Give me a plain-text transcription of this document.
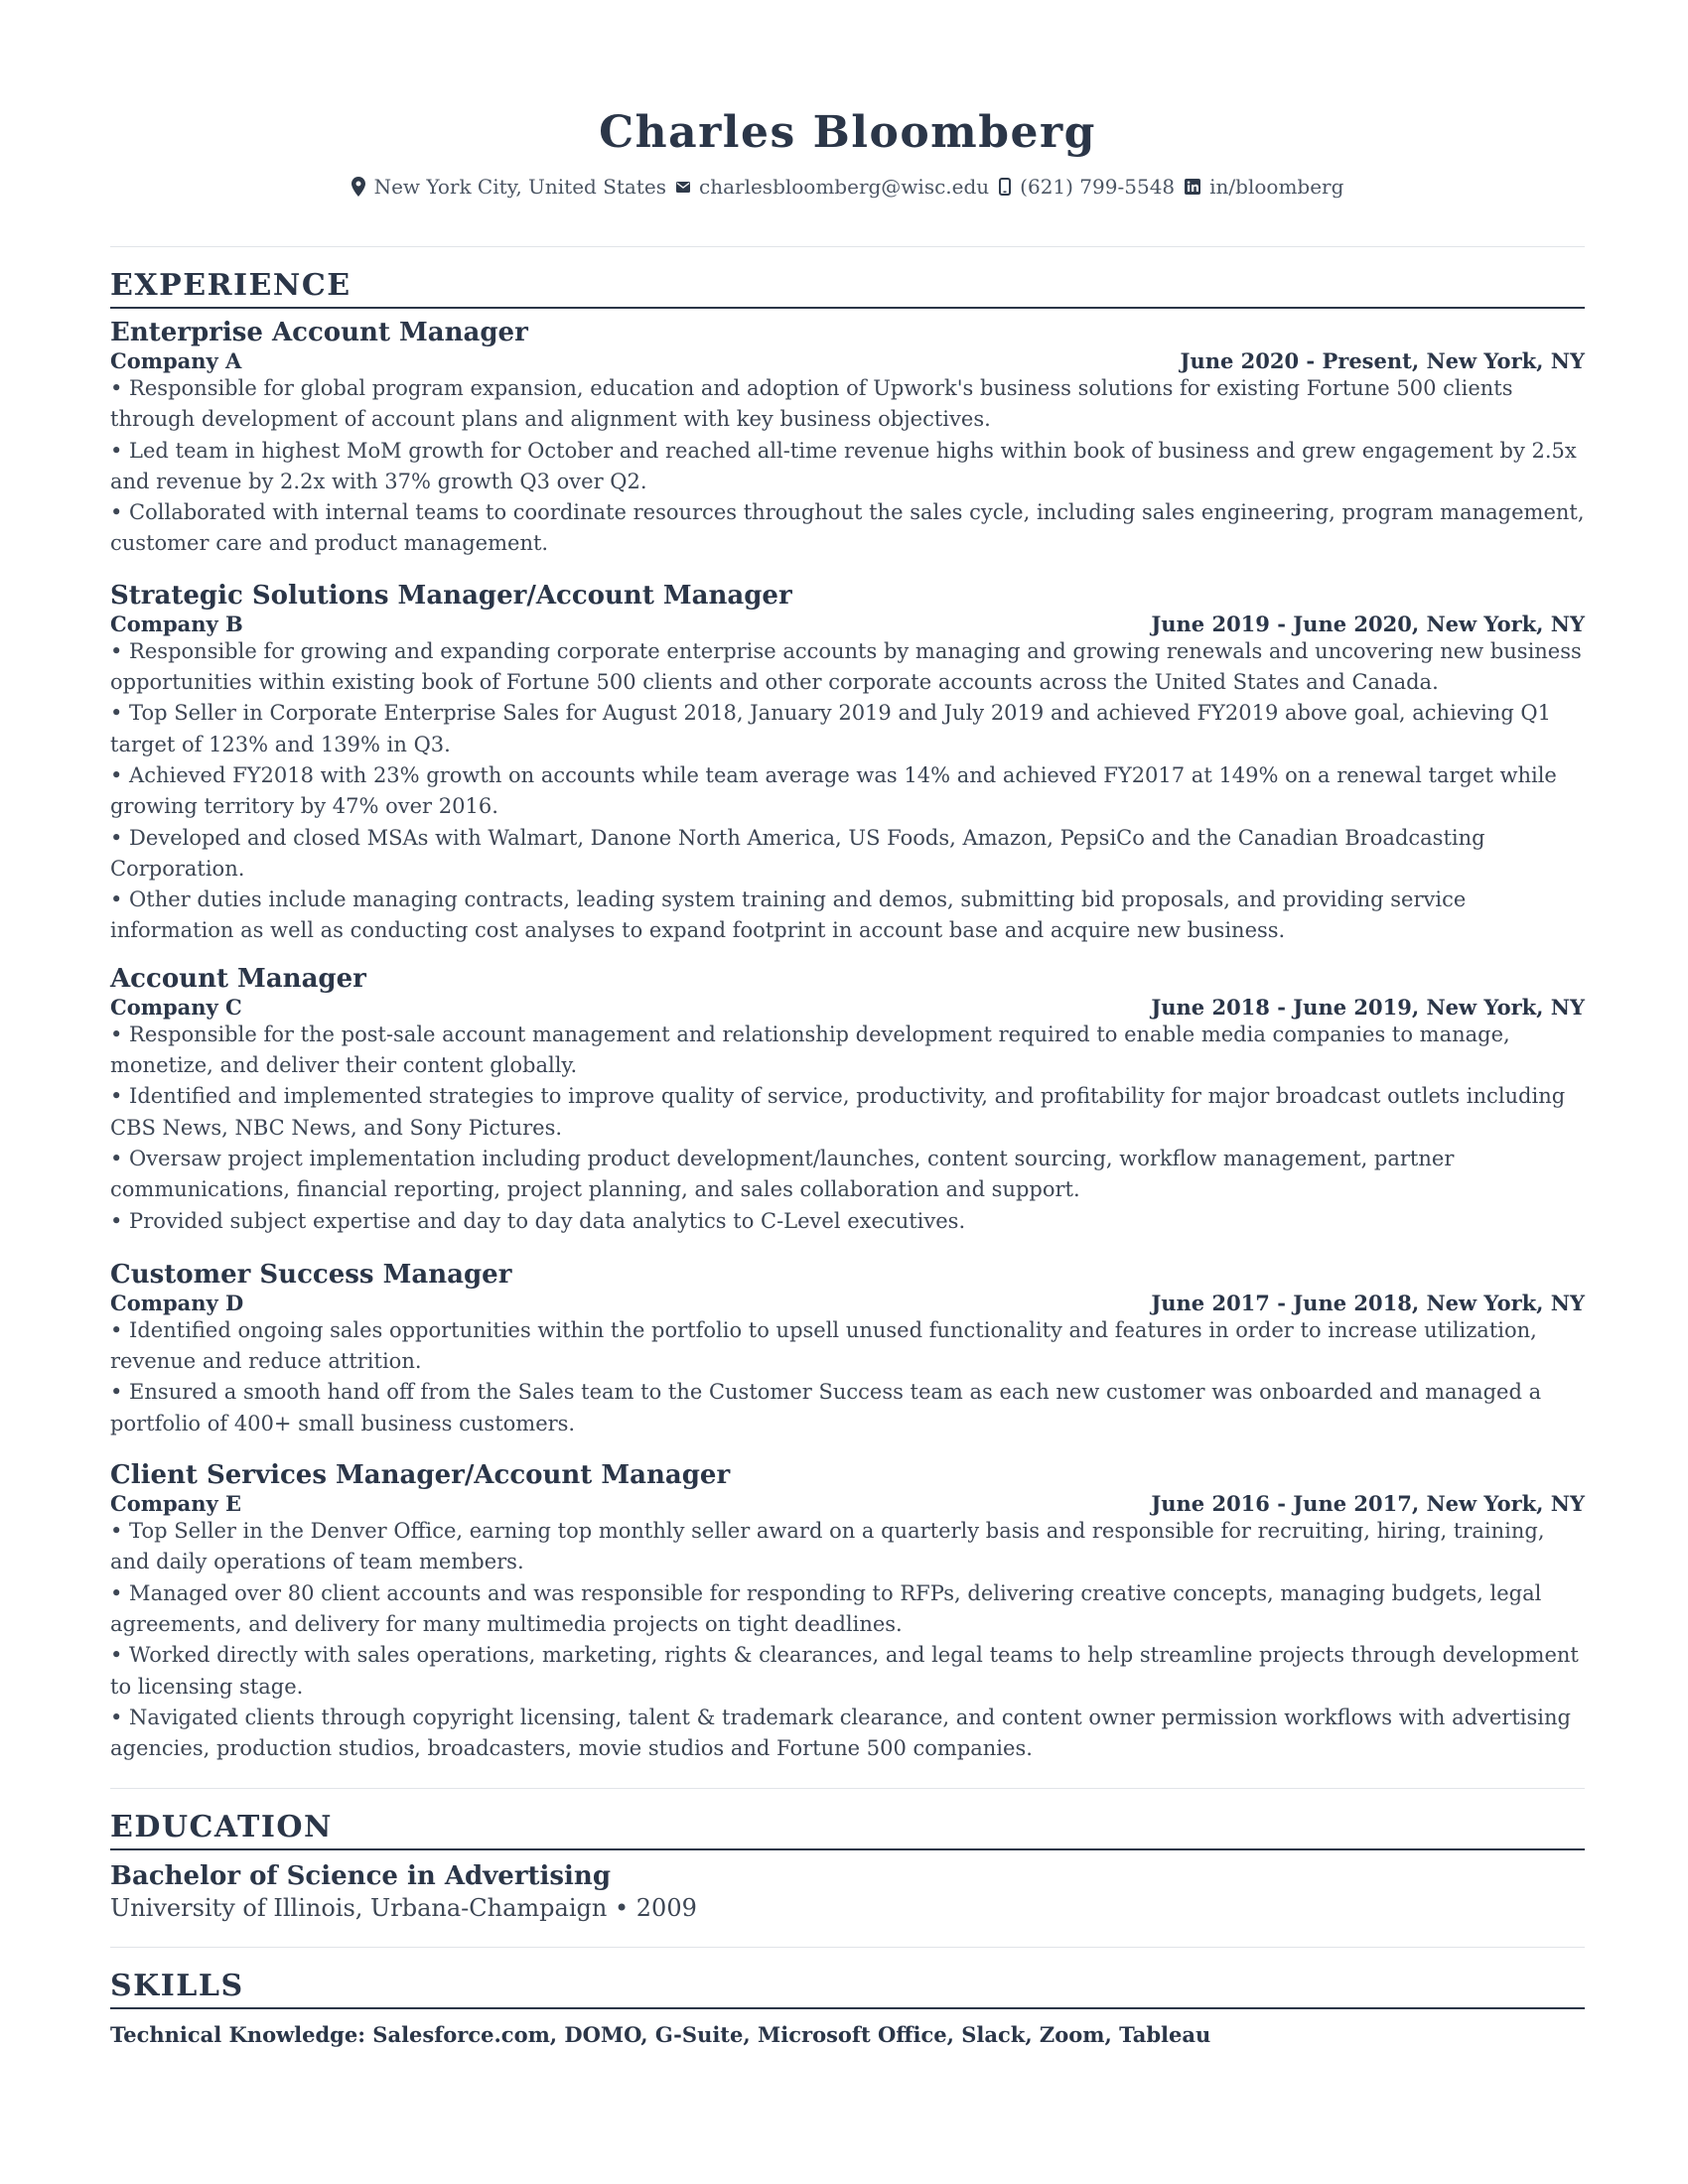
Charles Bloomberg
New York City, United States charlesbloomberg@wisc.edu (621) 799-5548 in/bloomberg
EXPERIENCE
Enterprise Account Manager
Company A	June 2020 - Present, New York, NY

• Responsible for global program expansion, education and adoption of Upwork's business solutions for existing Fortune 500 clients through development of account plans and alignment with key business objectives.

• Led team in highest MoM growth for October and reached all-time revenue highs within book of business and grew engagement by 2.5x and revenue by 2.2x with 37% growth Q3 over Q2.

• Collaborated with internal teams to coordinate resources throughout the sales cycle, including sales engineering, program management, customer care and product management.

Strategic Solutions Manager/Account Manager
Company B	June 2019 - June 2020, New York, NY

• Responsible for growing and expanding corporate enterprise accounts by managing and growing renewals and uncovering new business opportunities within existing book of Fortune 500 clients and other corporate accounts across the United States and Canada.

• Top Seller in Corporate Enterprise Sales for August 2018, January 2019 and July 2019 and achieved FY2019 above goal, achieving Q1 target of 123% and 139% in Q3.

• Achieved FY2018 with 23% growth on accounts while team average was 14% and achieved FY2017 at 149% on a renewal target while growing territory by 47% over 2016.

• Developed and closed MSAs with Walmart, Danone North America, US Foods, Amazon, PepsiCo and the Canadian Broadcasting Corporation.

• Other duties include managing contracts, leading system training and demos, submitting bid proposals, and providing service information as well as conducting cost analyses to expand footprint in account base and acquire new business.

Account Manager
Company C	June 2018 - June 2019, New York, NY

• Responsible for the post-sale account management and relationship development required to enable media companies to manage, monetize, and deliver their content globally.

• Identified and implemented strategies to improve quality of service, productivity, and profitability for major broadcast outlets including CBS News, NBC News, and Sony Pictures.

• Oversaw project implementation including product development/launches, content sourcing, workflow management, partner communications, financial reporting, project planning, and sales collaboration and support.

• Provided subject expertise and day to day data analytics to C-Level executives.

Customer Success Manager
Company D	June 2017 - June 2018, New York, NY

• Identified ongoing sales opportunities within the portfolio to upsell unused functionality and features in order to increase utilization, revenue and reduce attrition.

• Ensured a smooth hand off from the Sales team to the Customer Success team as each new customer was onboarded and managed a portfolio of 400+ small business customers.

Client Services Manager/Account Manager
Company E	June 2016 - June 2017, New York, NY

• Top Seller in the Denver Office, earning top monthly seller award on a quarterly basis and responsible for recruiting, hiring, training, and daily operations of team members.

• Managed over 80 client accounts and was responsible for responding to RFPs, delivering creative concepts, managing budgets, legal agreements, and delivery for many multimedia projects on tight deadlines.

• Worked directly with sales operations, marketing, rights & clearances, and legal teams to help streamline projects through development to licensing stage.

• Navigated clients through copyright licensing, talent & trademark clearance, and content owner permission workflows with advertising agencies, production studios, broadcasters, movie studios and Fortune 500 companies.

EDUCATION
Bachelor of Science in Advertising
University of Illinois, Urbana-Champaign • 2009
SKILLS
Technical Knowledge: Salesforce.com, DOMO, G-Suite, Microsoft Office, Slack, Zoom, Tableau
